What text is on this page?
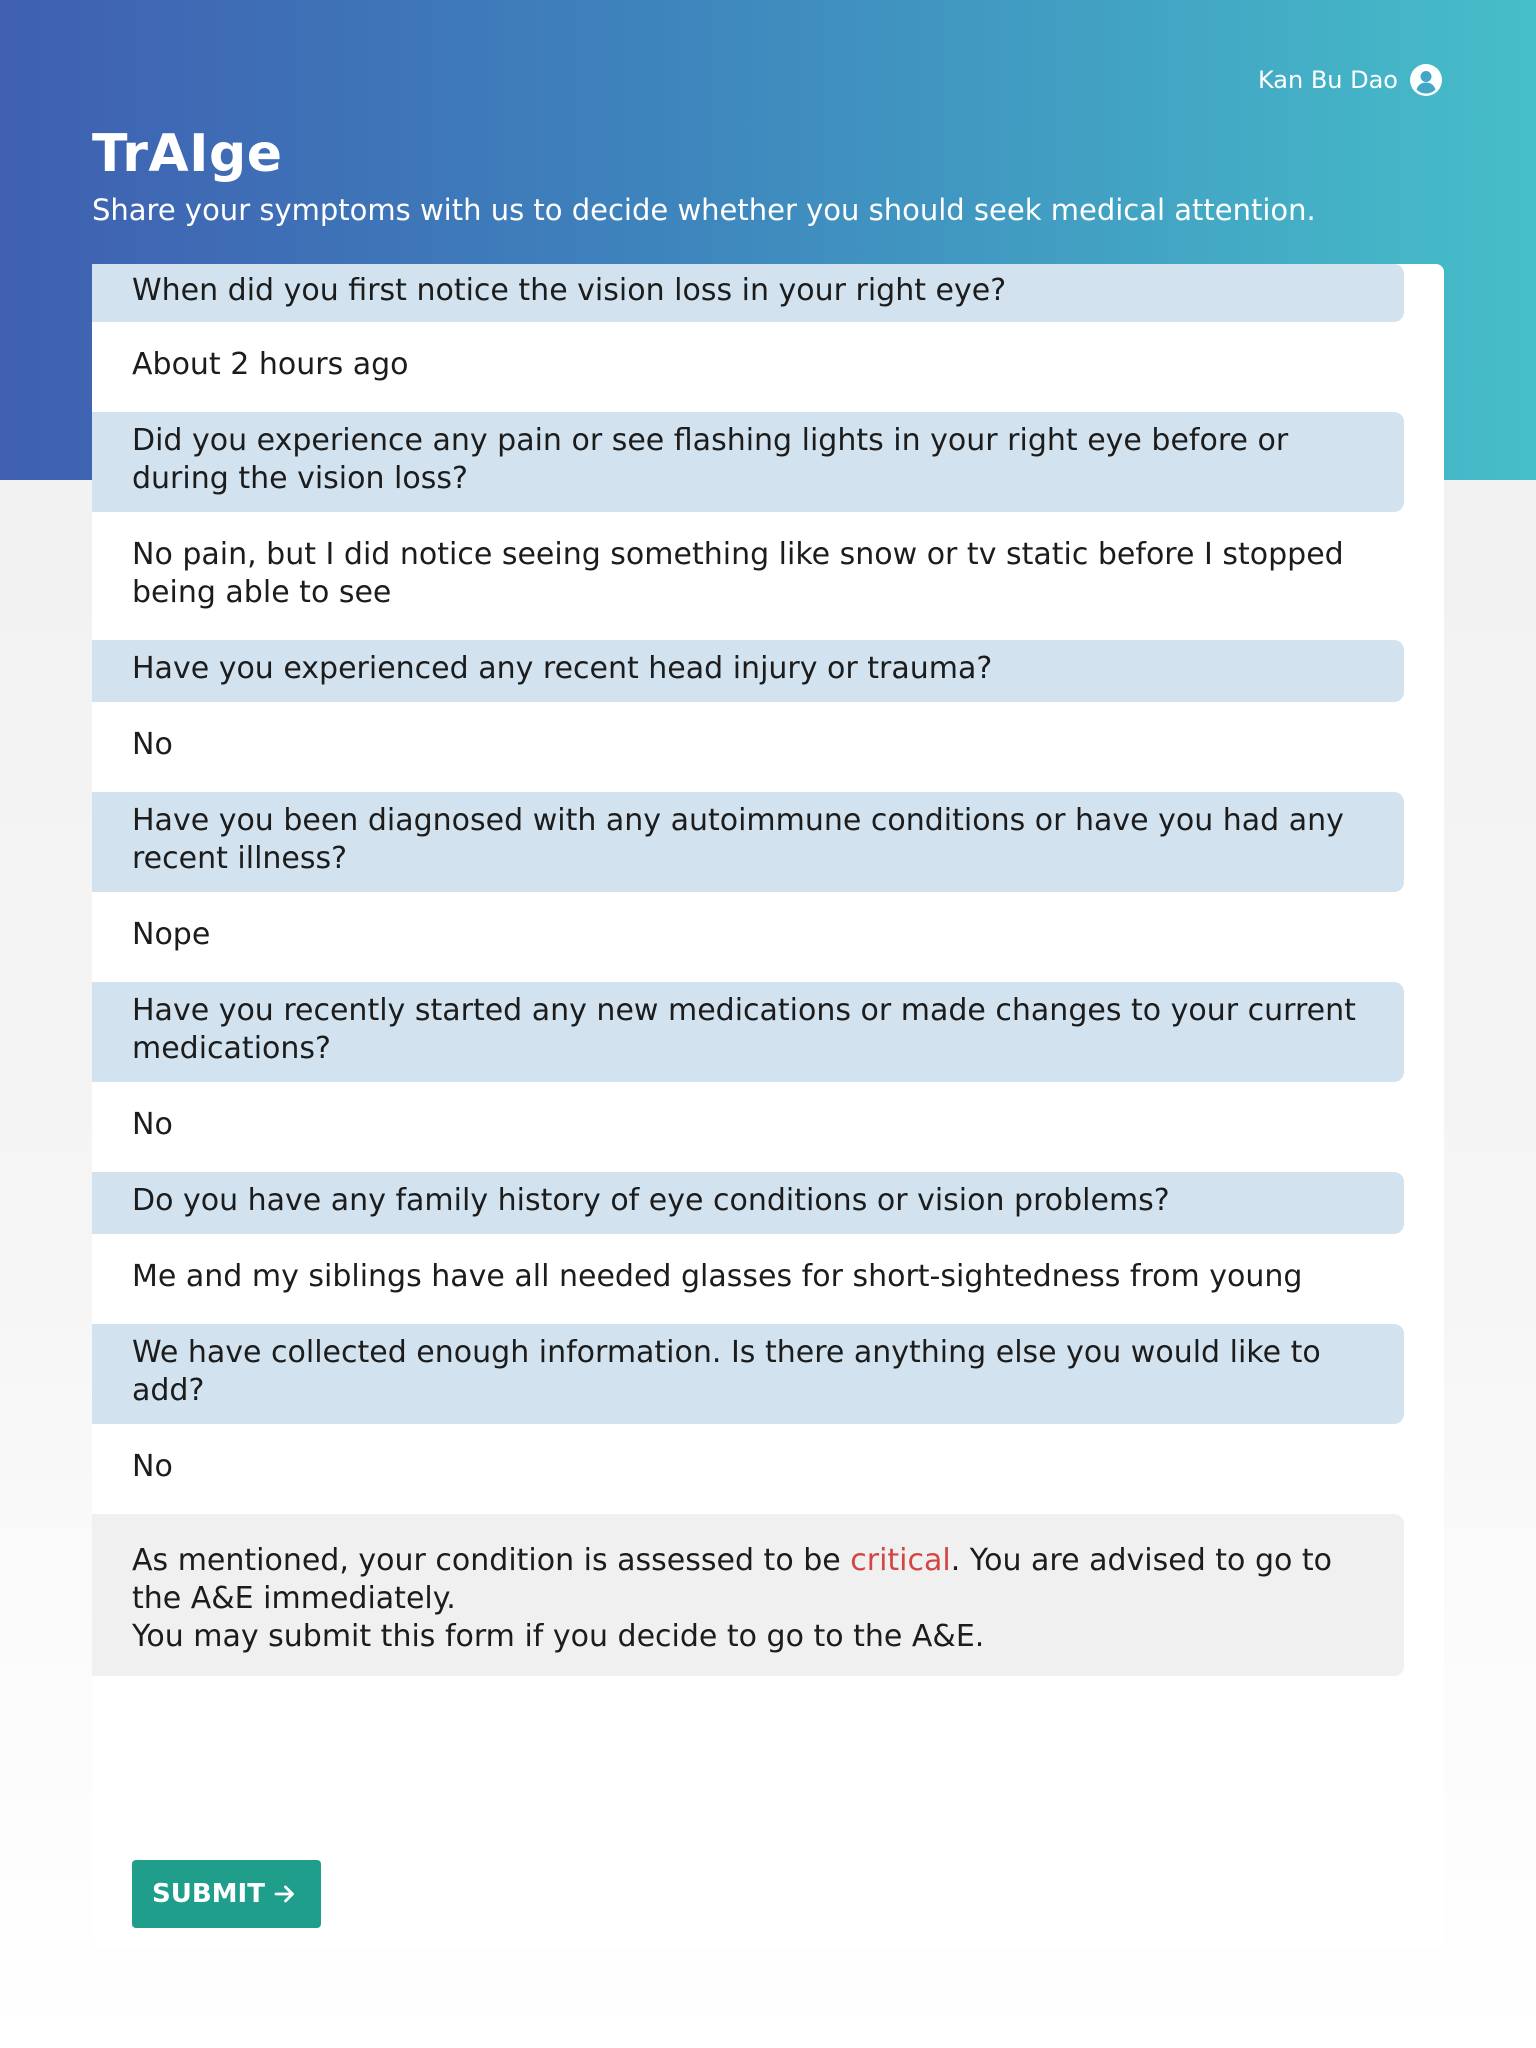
Kan Bu Dao
TrAIge

Share your symptoms with us to decide whether you should seek medical attention.

When did you first notice the vision loss in your right eye?
About 2 hours ago
Did you experience any pain or see flashing lights in your right eye before or during the vision loss?
No pain, but I did notice seeing something like snow or tv static before I stopped being able to see
Have you experienced any recent head injury or trauma?
No
Have you been diagnosed with any autoimmune conditions or have you had any recent illness?
Nope
Have you recently started any new medications or made changes to your current medications?
No
Do you have any family history of eye conditions or vision problems?
Me and my siblings have all needed glasses for short-sightedness from young
We have collected enough information. Is there anything else you would like to add?
No
As mentioned, your condition is assessed to be critical. You are advised to go to the A&E immediately.
You may submit this form if you decide to go to the A&E.
SUBMIT
